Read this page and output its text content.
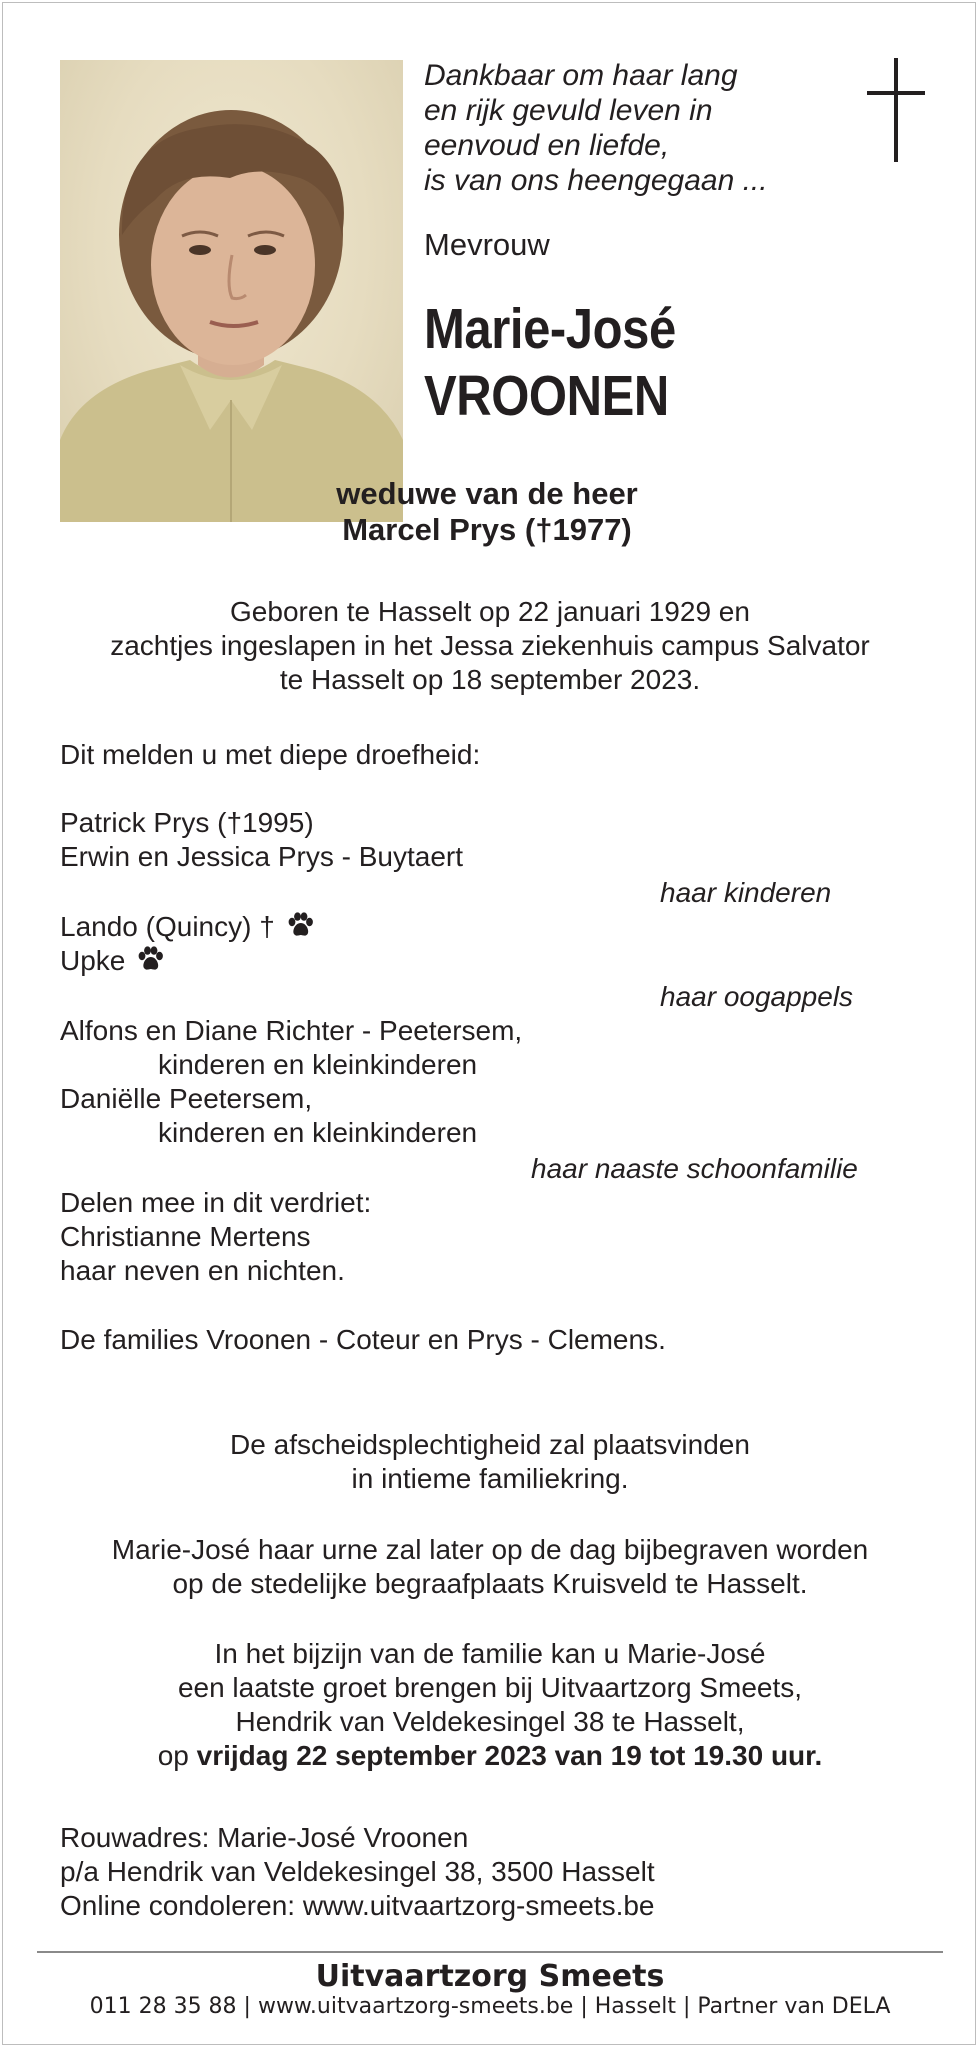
Dankbaar om haar lang
en rijk gevuld leven in
eenvoud en liefde,
is van ons heengegaan ...
Mevrouw
Marie-José
VROONEN
weduwe van de heer
Marcel Prys (†1977)
Geboren te Hasselt op 22 januari 1929 en
zachtjes ingeslapen in het Jessa ziekenhuis campus Salvator
te Hasselt op 18 september 2023.
Dit melden u met diepe droefheid:
Patrick Prys (†1995)
Erwin en Jessica Prys - Buytaert
haar kinderen
Lando (Quincy) †
Upke
haar oogappels
Alfons en Diane Richter - Peetersem,
kinderen en kleinkinderen
Daniëlle Peetersem,
kinderen en kleinkinderen
haar naaste schoonfamilie
Delen mee in dit verdriet:
Christianne Mertens
haar neven en nichten.
De families Vroonen - Coteur en Prys - Clemens.
De afscheidsplechtigheid zal plaatsvinden
in intieme familiekring.
Marie-José haar urne zal later op de dag bijbegraven worden
op de stedelijke begraafplaats Kruisveld te Hasselt.
In het bijzijn van de familie kan u Marie-José
een laatste groet brengen bij Uitvaartzorg Smeets,
Hendrik van Veldekesingel 38 te Hasselt,
op vrijdag 22 september 2023 van 19 tot 19.30 uur.
Rouwadres: Marie-José Vroonen
p/a Hendrik van Veldekesingel 38, 3500 Hasselt
Online condoleren: www.uitvaartzorg-smeets.be
Uitvaartzorg Smeets
011 28 35 88 | www.uitvaartzorg-smeets.be | Hasselt | Partner van DELA
